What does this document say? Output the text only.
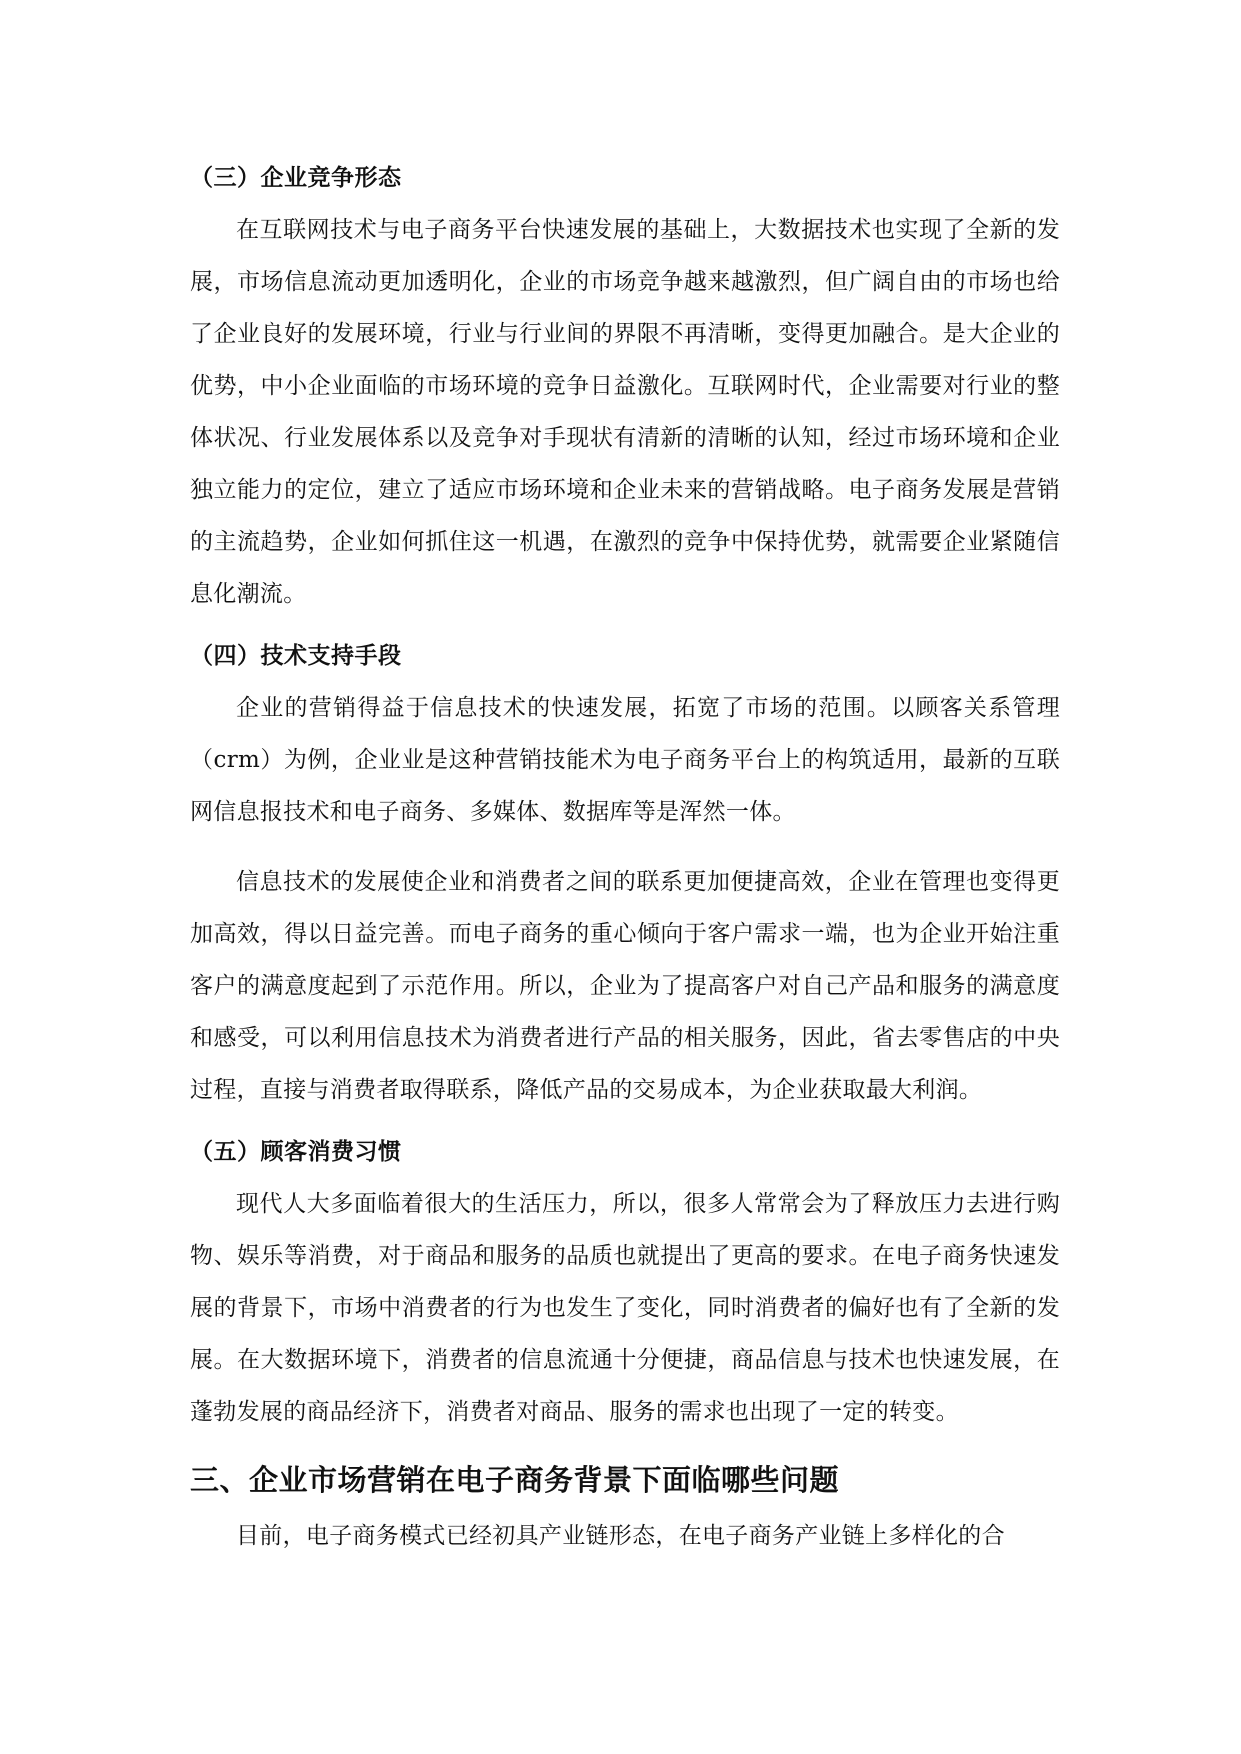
（三）企业竞争形态

在互联网技术与电子商务平台快速发展的基础上，大数据技术也实现了全新的发展，市场信息流动更加透明化，企业的市场竞争越来越激烈，但广阔自由的市场也给了企业良好的发展环境，行业与行业间的界限不再清晰，变得更加融合。是大企业的优势，中小企业面临的市场环境的竞争日益激化。互联网时代，企业需要对行业的整体状况、行业发展体系以及竞争对手现状有清新的清晰的认知，经过市场环境和企业独立能力的定位，建立了适应市场环境和企业未来的营销战略。电子商务发展是营销的主流趋势，企业如何抓住这一机遇，在激烈的竞争中保持优势，就需要企业紧随信息化潮流。

（四）技术支持手段

企业的营销得益于信息技术的快速发展，拓宽了市场的范围。以顾客关系管理（crm）为例，企业业是这种营销技能术为电子商务平台上的构筑适用，最新的互联网信息报技术和电子商务、多媒体、数据库等是浑然一体。

信息技术的发展使企业和消费者之间的联系更加便捷高效，企业在管理也变得更加高效，得以日益完善。而电子商务的重心倾向于客户需求一端，也为企业开始注重客户的满意度起到了示范作用。所以，企业为了提高客户对自己产品和服务的满意度和感受，可以利用信息技术为消费者进行产品的相关服务，因此，省去零售店的中央过程，直接与消费者取得联系，降低产品的交易成本，为企业获取最大利润。

（五）顾客消费习惯

现代人大多面临着很大的生活压力，所以，很多人常常会为了释放压力去进行购物、娱乐等消费，对于商品和服务的品质也就提出了更高的要求。在电子商务快速发展的背景下，市场中消费者的行为也发生了变化，同时消费者的偏好也有了全新的发展。在大数据环境下，消费者的信息流通十分便捷，商品信息与技术也快速发展，在蓬勃发展的商品经济下，消费者对商品、服务的需求也出现了一定的转变。

三、企业市场营销在电子商务背景下面临哪些问题

目前，电子商务模式已经初具产业链形态，在电子商务产业链上多样化的合
